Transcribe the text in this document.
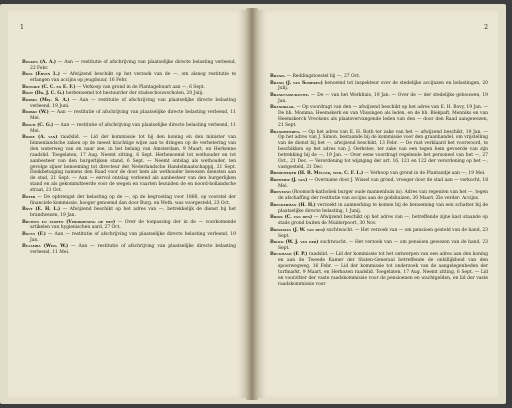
1

Bolken (A. A.) — Aan — restitutie of afschrijving van plaatselijke directe belasting verleend, 22 Febr.

Bols (Erven L.) — Afwijzend beschikt op het verzoek van de —, om alsnog restitutie te erlangen van accijns op jeugdsuur, 16 Febr.

Bonnike (C. C. en E. F.) — Verkoop van grond in de Plantagebuurt aan —, 6 Sept.

Boot (Dr. J. C. G.) herbenoemd tot bestuurder der stadsschouwscholen, 20 Julij.

Borski (Mej. S. A.) — Aan — restitutie of afschrijving van plaatselijke directe belasting verleend, 19 Juni.

Borski (W.) — Aan — restitutie of afschrijving van plaatselijke directe belasting verleend, 11 Mei.

Bosch (C. G.) — Aan — restitutie of afschrijving van plaatselijke directe belasting verleend, 11 Mei.

Bosse (A. van) raadslid. — Lid der kommissie tot bij den koning en den minister van binnenlandsche zaken op de meest krachtige wijze aan te dringen op de verbetering van den waterweg van en naar zee, in het belang van Amsterdam, 9 Maart, en Herkenne raadslid. Toegelaten, 17 Aug. Neemt zitting, 6 Sept. Herbenoemd tot wethouder en tot aanbesteer van den burgerlijken stand, 6 Sept. — Neemt ontslag als wethouder, ten gevolge zijner benoeming tot directeur der Nederlandsche Handelmaatschappij, 21 Sept. Dankbetuiging namens den Raad voor de door hem als wethouder bewezen diensten aan de stad, 21 Sept. — Aan — eervol ontslag verleend als aanbesteer van den burgerlijken stand en als gekommitteerde voor de wegen en vaarten bezuiden de en noord-hollandsche straat, 21 Oct.

Boter — De opbrengst der belasting op de —, op de begrooting voor 1866, op voorstel der financiele kommissie, hooger genoemd dan door Burg. en Weth. was voorgesteld, 23 Oct.

Bovy (E. H. L.) — Afwijzend beschikt op het adres van —, betrekkelijk de dienst bij het brandwezen, 19 Jan.

Bruwen en slopen (Verordening op het) — Over de toepassing der in de — voorkomende artikelen van hygienischen aard, 27 Oct.

Bouvy (F.) — Aan — restitutie of afschrijving van plaatselijke directe belasting verleend, 19 Jan.

Bulamba (Wed. W.) — Aan — restitutie of afschrijving van plaatselijke directe belasting verleend, 11 Mei.

2

Brand. — Reddingstoestel bij —, 27 Oct.

Brand (J. van Someren) benoemd tot inspekteur over de stedelijke accijnzen en belastingen, 20 Julij.

Brand-assurantie. — De — van het Werkhuis, 19 Jan. — Over de — der stedelijke gebouwen, 19 Jan.

Brandraad. — Op voordragt van den — afwijzend beschikt op het adres van E. H. Bovy, 19 Jan. — De hh. Momma, Heemskerk en van Vlissingen als leden, en de hh. Biekpaft, Menniks en van Heemskerck Vreckens als plaatsvervangende leden van den — door den Raad aangewezen, 21 Sept.

Brandweeren. — Op het adres van E. H. Roth ter zake van het — afwijzend beschikt, 19 Jan. — Op het adres van J. Simon, bestaande bij de kommissie voor den graanhandel, om vrijstelling van de dienst bij het —, afwijzend beschikt, 13 Febr. — De rust verklaard het voorwoord, te beschikken op het adres van J. Oerkstee, ter zake van een tegen hem gevoerde van zijn betrekking bij de —, 19 Jan. — Over eene voordragt regelende het personeel van het —, 27 Oct., 21 Dec. — Verordening tot wijziging der art. 16, 121 en 122 der verordening op het —, vastgesteld, 21 Dec.

Bredemeijer (H. R. Müller, wed. C. F. L.) — Verkoop van grond in de Plantandje aan —, 19 Mei.

Bremmer (J. van) — Overname door J. Wissel van grond, vroeger door de stad aan — verkocht, 18 Mei.

Brentano (Roomsch-katholiek burger oude mannenhuis in). Adres van regenten van het —, tegen de afschaffing der restitutie van accijns aan de godshuizen, 30 Maart. Zie verder: Accijns.

Breukerman (H. H.) verzoekt in aanmerking te komen bij de benoeming van een schatter bij de plaatselijke directe belasting, 1 Junij.

Brink (C. van den) — Afwijzend beschikt op het adres van —, betreffende zijne kast staande op stads grond buiten de Muiderpoort, 30 Nov.

Brinkman (J. W. van den) suchtwacht. — Het verzoek van — om pensioen gesteld van de hand, 23 Sept.

Brock (W. J. van der) suchtwacht. — Het verzoek van — om pensioen gewezen van de hand, 23 Sept.

Brugmans (F. P.) raadslid. — Lid der kommissie tot het ontwerpen van een adres aan den koning en aan de Tweede Kamer der Staten-Generaal betreffende de onbillijkheid van den spoorwegweg, 16 Febr. — Lid der kommissie tot onderzoek van de aangelegenheden der turfmarkt, 9 Maart, en Herkozen raadslid. Toegelaten, 17 Aug. Neemt zitting, 6 Sept. — Lid en voorzitter der vaste raadskommissie voor de pensioenen en wachtgelden, en lid der vaste raadskommissie voor
